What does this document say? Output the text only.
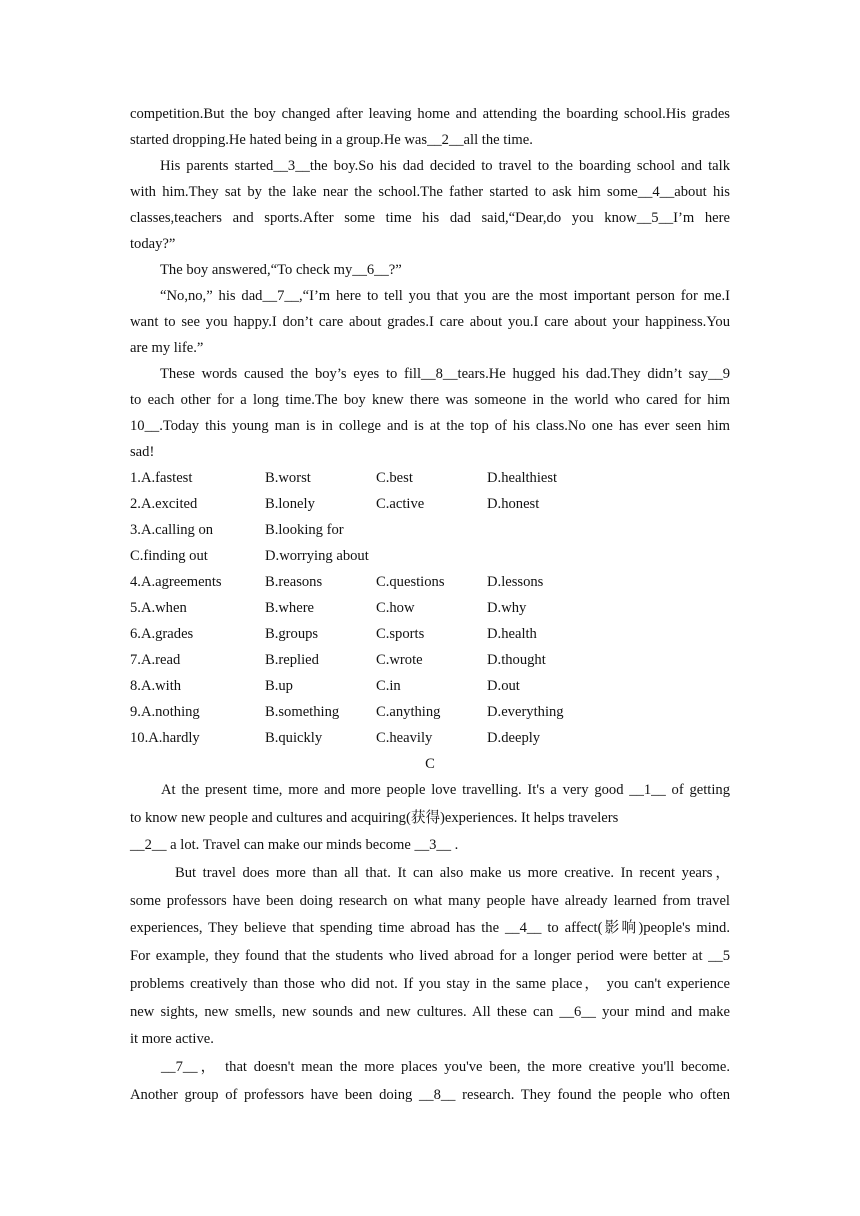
competition.But the boy changed after leaving home and attending the boarding school.His grades
started dropping.He hated being in a group.He was__2__all the time.
His parents started__3__the boy.So his dad decided to travel to the boarding school and talk
with him.They sat by the lake near the school.The father started to ask him some__4__about his
classes,teachers and sports.After some time his dad said,“Dear,do you know__5__I’m here
today?”
The boy answered,“To check my__6__?”
“No,no,” his dad__7__,“I’m here to tell you that you are the most important person for me.I
want to see you happy.I don’t care about grades.I care about you.I care about your happiness.You
are my life.”
These words caused the boy’s eyes to fill__8__tears.He hugged his dad.They didn’t say__9
to each other for a long time.The boy knew there was someone in the world who cared for him
10__.Today this young man is in college and is at the top of his class.No one has ever seen him
sad!
1.A.fastest	B.worst	C.best	D.healthiest
2.A.excited	B.lonely	C.active	D.honest
3.A.calling on	B.looking for
C.finding out	D.worrying about
4.A.agreements	B.reasons	C.questions	D.lessons
5.A.when	B.where	C.how	D.why
6.A.grades	B.groups	C.sports	D.health
7.A.read	B.replied	C.wrote	D.thought
8.A.with	B.up	C.in	D.out
9.A.nothing	B.something	C.anything	D.everything
10.A.hardly	B.quickly	C.heavily	D.deeply
C
At the present time, more and more people love travelling. It's a very good __1__ of getting
to know new people and cultures and acquiring(获得)experiences. It helps travelers
__2__ a lot. Travel can make our minds become __3__ .
But travel does more than all that. It can also make us more creative. In recent years，
some professors have been doing research on what many people have already learned from travel
experiences, They believe that spending time abroad has the __4__ to affect(影响)people's mind.
For example, they found that the students who lived abroad for a longer period were better at __5
problems creatively than those who did not. If you stay in the same place， you can't experience
new sights, new smells, new sounds and new cultures. All these can __6__ your mind and make
it more active.
__7__， that doesn't mean the more places you've been, the more creative you'll become.
Another group of professors have been doing __8__ research. They found the people who often
